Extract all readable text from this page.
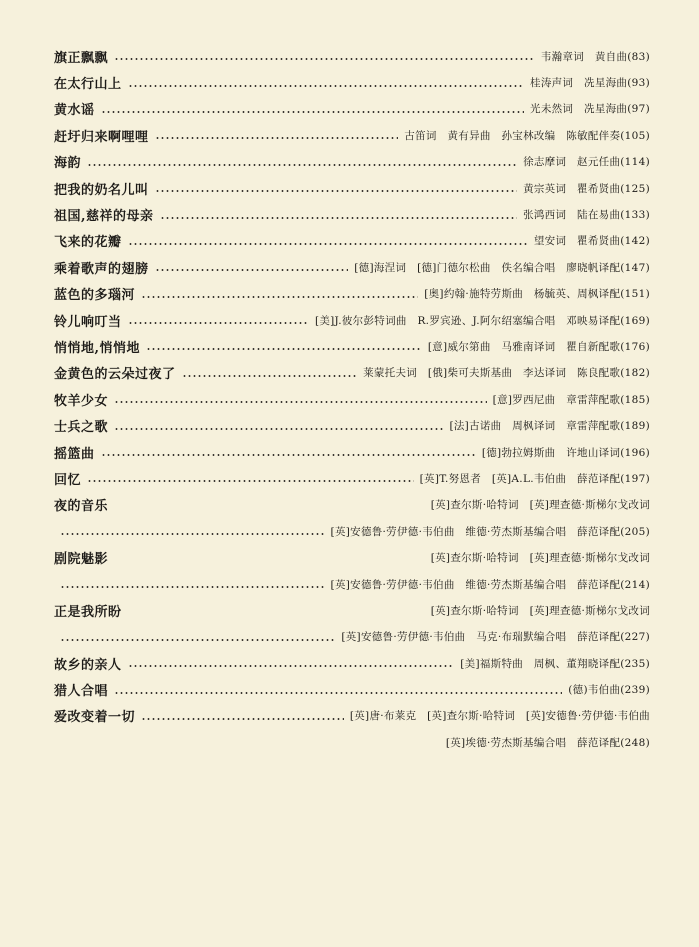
旗正飘飘	韦瀚章词　黄自曲(83)
在太行山上	桂涛声词　冼星海曲(93)
黄水谣	光未然词　冼星海曲(97)
赶圩归来啊哩哩	古笛词　黄有异曲　孙宝林改编　陈敏配伴奏(105)
海韵	徐志摩词　赵元任曲(114)
把我的奶名儿叫	黄宗英词　瞿希贤曲(125)
祖国,慈祥的母亲	张鸿西词　陆在易曲(133)
飞来的花瓣	望安词　瞿希贤曲(142)
乘着歌声的翅膀	[德]海涅词　[德]门德尔松曲　佚名编合唱　廖晓帆译配(147)
蓝色的多瑙河	[奥]约翰·施特劳斯曲　杨毓英、周枫译配(151)
铃儿响叮当	[美]J.彼尔彭特词曲　R.罗宾逊、J.阿尔绍塞编合唱　邓映易译配(169)
悄悄地,悄悄地	[意]威尔第曲　马雅南译词　瞿自新配歌(176)
金黄色的云朵过夜了	莱蒙托夫词　[俄]柴可夫斯基曲　李达译词　陈良配歌(182)
牧羊少女	[意]罗西尼曲　章雷萍配歌(185)
士兵之歌	[法]古诺曲　周枫译词　章雷萍配歌(189)
摇篮曲	[德]勃拉姆斯曲　许地山译词(196)
回忆	[英]T.努恩者　[英]A.L.韦伯曲　薛范译配(197)
夜的音乐	[英]查尔斯·哈特词　[英]理查德·斯梯尔戈改词
[英]安德鲁·劳伊德·韦伯曲　维德·劳杰斯基编合唱　薛范译配(205)
剧院魅影	[英]查尔斯·哈特词　[英]理查德·斯梯尔戈改词
[英]安德鲁·劳伊德·韦伯曲　维德·劳杰斯基编合唱　薛范译配(214)
正是我所盼	[英]查尔斯·哈特词　[英]理查德·斯梯尔戈改词
[英]安德鲁·劳伊德·韦伯曲　马克·布瑞默编合唱　薛范译配(227)
故乡的亲人	[美]福斯特曲　周枫、董翔晓译配(235)
猎人合唱	(德)韦伯曲(239)
爱改变着一切	[英]唐·布莱克　[英]查尔斯·哈特词　[英]安德鲁·劳伊德·韦伯曲
[英]埃德·劳杰斯基编合唱　薛范译配(248)
